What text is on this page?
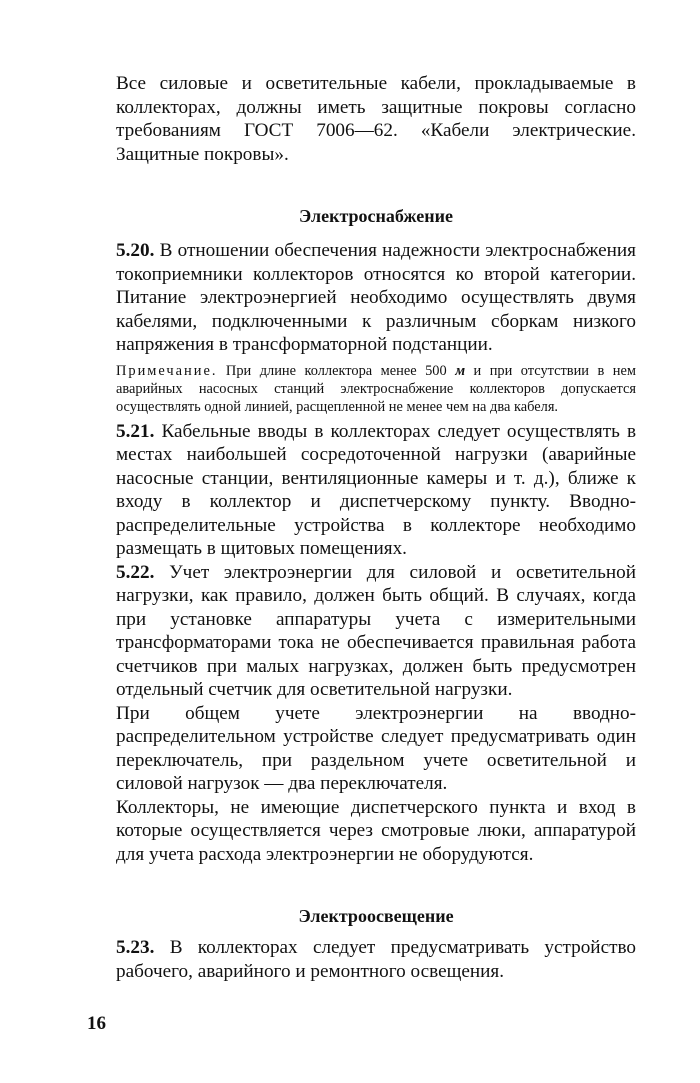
Все силовые и осветительные кабели, прокладываемые в коллекторах, должны иметь защитные покровы согласно требованиям ГОСТ 7006—62. «Кабели электрические. Защитные покровы».

Электроснабжение

5.20. В отношении обеспечения надежности электроснабжения токоприемники коллекторов относятся ко второй категории. Питание электроэнергией необходимо осуществлять двумя кабелями, подключенными к различным сборкам низкого напряжения в трансформаторной подстанции.

Примечание. При длине коллектора менее 500 м и при отсутствии в нем аварийных насосных станций электроснабжение коллекторов допускается осуществлять одной линией, расщепленной не менее чем на два кабеля.

5.21. Кабельные вводы в коллекторах следует осуществлять в местах наибольшей сосредоточенной нагрузки (аварийные насосные станции, вентиляционные камеры и т. д.), ближе к входу в коллектор и диспетчерскому пункту. Вводно-распределительные устройства в коллекторе необходимо размещать в щитовых помещениях.

5.22. Учет электроэнергии для силовой и осветительной нагрузки, как правило, должен быть общий. В случаях, когда при установке аппаратуры учета с измерительными трансформаторами тока не обеспечивается правильная работа счетчиков при малых нагрузках, должен быть предусмотрен отдельный счетчик для осветительной нагрузки.

При общем учете электроэнергии на вводно-распределительном устройстве следует предусматривать один переключатель, при раздельном учете осветительной и силовой нагрузок — два переключателя.

Коллекторы, не имеющие диспетчерского пункта и вход в которые осуществляется через смотровые люки, аппаратурой для учета расхода электроэнергии не оборудуются.

Электроосвещение

5.23. В коллекторах следует предусматривать устройство рабочего, аварийного и ремонтного освещения.

16
